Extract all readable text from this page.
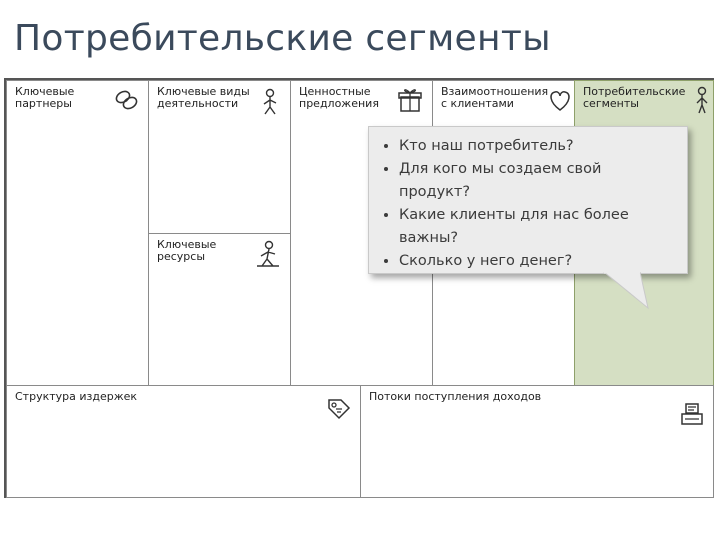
Потребительские сегменты
Ключевые
партнеры
Ключевые виды
деятельности
Ключевые
ресурсы
Ценностные
предложения
Взаимоотношения
с клиентами
Потребительские
сегменты
Структура издержек	Потоки поступления доходов
• Кто наш потребитель?
• Для кого мы создаем свой продукт?
• Какие клиенты для нас более важны?
• Сколько у него денег?
